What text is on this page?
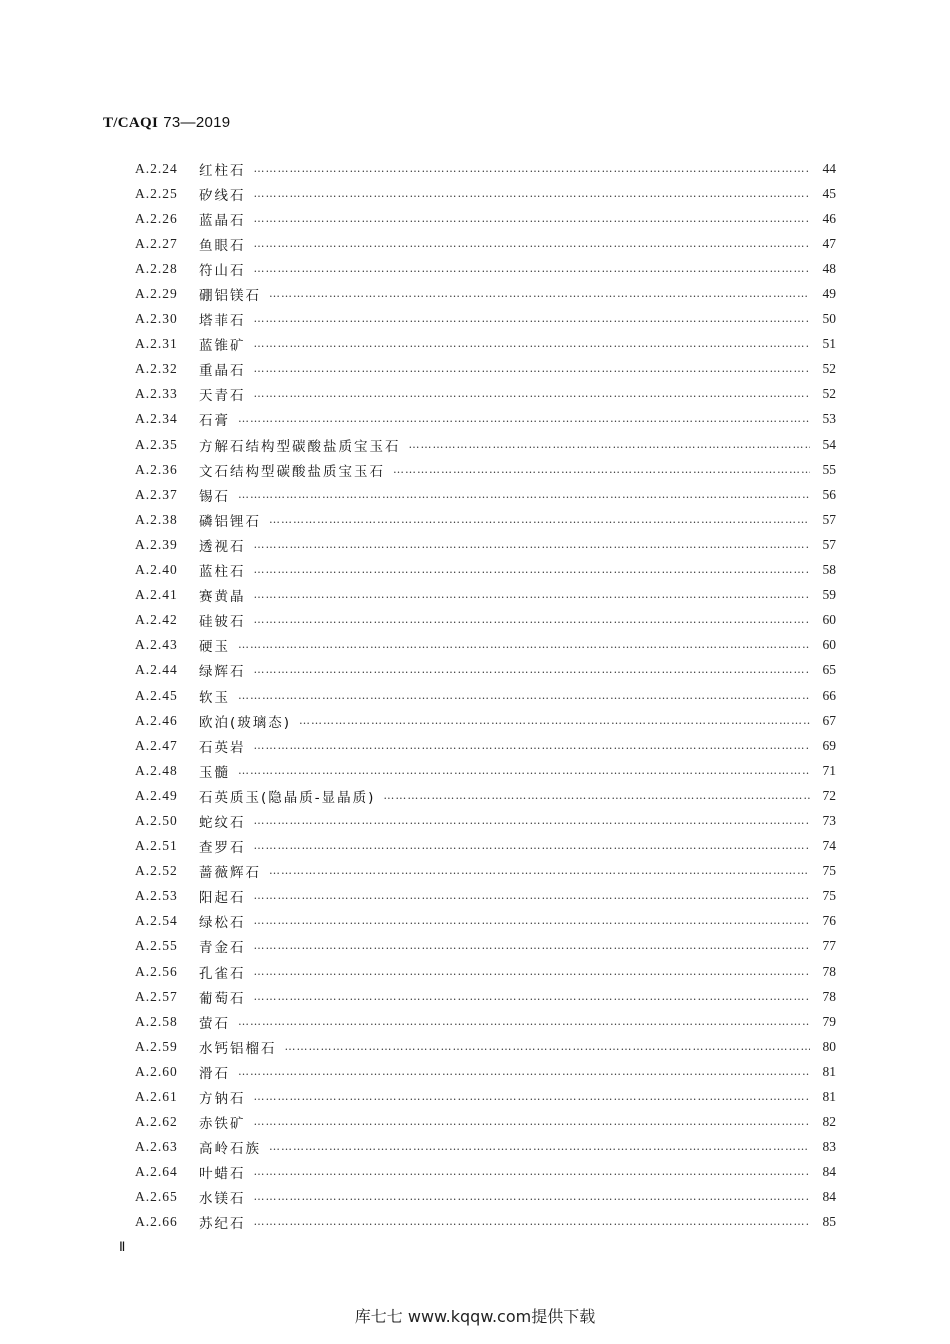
T/CAQI 73—2019
A.2.24	红柱石 ……………………………………………………………………………………………………………………………………………………………………………	44
A.2.25	矽线石 ……………………………………………………………………………………………………………………………………………………………………………	45
A.2.26	蓝晶石 ……………………………………………………………………………………………………………………………………………………………………………	46
A.2.27	鱼眼石 ……………………………………………………………………………………………………………………………………………………………………………	47
A.2.28	符山石 ……………………………………………………………………………………………………………………………………………………………………………	48
A.2.29	硼铝镁石 ……………………………………………………………………………………………………………………………………………………………………………	49
A.2.30	塔菲石 ……………………………………………………………………………………………………………………………………………………………………………	50
A.2.31	蓝锥矿 ……………………………………………………………………………………………………………………………………………………………………………	51
A.2.32	重晶石 ……………………………………………………………………………………………………………………………………………………………………………	52
A.2.33	天青石 ……………………………………………………………………………………………………………………………………………………………………………	52
A.2.34	石膏 ……………………………………………………………………………………………………………………………………………………………………………	53
A.2.35	方解石结构型碳酸盐质宝玉石 ……………………………………………………………………………………………………………………………………………………………………………	54
A.2.36	文石结构型碳酸盐质宝玉石 ……………………………………………………………………………………………………………………………………………………………………………	55
A.2.37	锡石 ……………………………………………………………………………………………………………………………………………………………………………	56
A.2.38	磷铝锂石 ……………………………………………………………………………………………………………………………………………………………………………	57
A.2.39	透视石 ……………………………………………………………………………………………………………………………………………………………………………	57
A.2.40	蓝柱石 ……………………………………………………………………………………………………………………………………………………………………………	58
A.2.41	赛黄晶 ……………………………………………………………………………………………………………………………………………………………………………	59
A.2.42	硅铍石 ……………………………………………………………………………………………………………………………………………………………………………	60
A.2.43	硬玉 ……………………………………………………………………………………………………………………………………………………………………………	60
A.2.44	绿辉石 ……………………………………………………………………………………………………………………………………………………………………………	65
A.2.45	软玉 ……………………………………………………………………………………………………………………………………………………………………………	66
A.2.46	欧泊(玻璃态) ……………………………………………………………………………………………………………………………………………………………………………	67
A.2.47	石英岩 ……………………………………………………………………………………………………………………………………………………………………………	69
A.2.48	玉髓 ……………………………………………………………………………………………………………………………………………………………………………	71
A.2.49	石英质玉(隐晶质-显晶质) ……………………………………………………………………………………………………………………………………………………………………………	72
A.2.50	蛇纹石 ……………………………………………………………………………………………………………………………………………………………………………	73
A.2.51	查罗石 ……………………………………………………………………………………………………………………………………………………………………………	74
A.2.52	蔷薇辉石 ……………………………………………………………………………………………………………………………………………………………………………	75
A.2.53	阳起石 ……………………………………………………………………………………………………………………………………………………………………………	75
A.2.54	绿松石 ……………………………………………………………………………………………………………………………………………………………………………	76
A.2.55	青金石 ……………………………………………………………………………………………………………………………………………………………………………	77
A.2.56	孔雀石 ……………………………………………………………………………………………………………………………………………………………………………	78
A.2.57	葡萄石 ……………………………………………………………………………………………………………………………………………………………………………	78
A.2.58	萤石 ……………………………………………………………………………………………………………………………………………………………………………	79
A.2.59	水钙铝榴石 ……………………………………………………………………………………………………………………………………………………………………………	80
A.2.60	滑石 ……………………………………………………………………………………………………………………………………………………………………………	81
A.2.61	方钠石 ……………………………………………………………………………………………………………………………………………………………………………	81
A.2.62	赤铁矿 ……………………………………………………………………………………………………………………………………………………………………………	82
A.2.63	高岭石族 ……………………………………………………………………………………………………………………………………………………………………………	83
A.2.64	叶蜡石 ……………………………………………………………………………………………………………………………………………………………………………	84
A.2.65	水镁石 ……………………………………………………………………………………………………………………………………………………………………………	84
A.2.66	苏纪石 ……………………………………………………………………………………………………………………………………………………………………………	85
Ⅱ
库七七 www.kqqw.com提供下载
